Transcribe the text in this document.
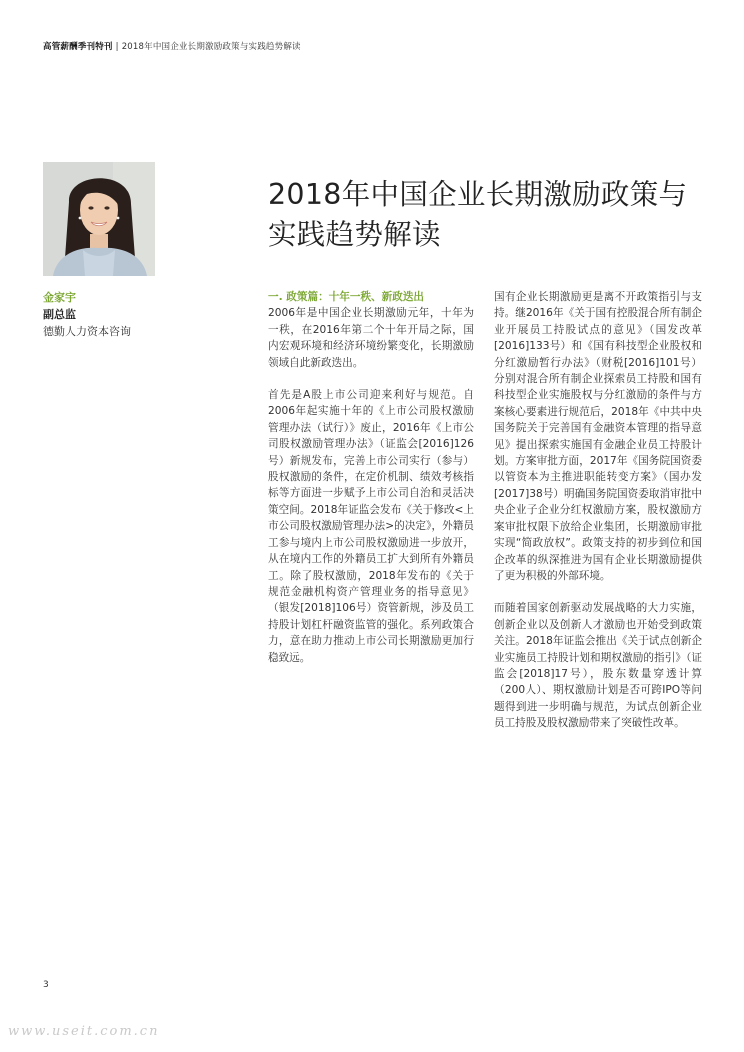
高管薪酬季刊特刊 | 2018年中国企业长期激励政策与实践趋势解读
2018年中国企业长期激励政策与实践趋势解读
金家宇
副总监
德勤人力资本咨询
一. 政策篇：十年一秩、新政迭出

2006年是中国企业长期激励元年，十年为一秩，在2016年第二个十年开局之际，国内宏观环境和经济环境纷繁变化，长期激励领域自此新政迭出。

首先是A股上市公司迎来利好与规范。自2006年起实施十年的《上市公司股权激励管理办法（试行）》废止，2016年《上市公司股权激励管理办法》（证监会[2016]126号）新规发布，完善上市公司实行（参与）股权激励的条件，在定价机制、绩效考核指标等方面进一步赋予上市公司自治和灵活决策空间。2018年证监会发布《关于修改<上市公司股权激励管理办法>的决定》，外籍员工参与境内上市公司股权激励进一步放开，从在境内工作的外籍员工扩大到所有外籍员工。除了股权激励，2018年发布的《关于规范金融机构资产管理业务的指导意见》（银发[2018]106号）资管新规，涉及员工持股计划杠杆融资监管的强化。系列政策合力，意在助力推动上市公司长期激励更加行稳致远。

国有企业长期激励更是离不开政策指引与支持。继2016年《关于国有控股混合所有制企业开展员工持股试点的意见》（国发改革[2016]133号）和《国有科技型企业股权和分红激励暂行办法》（财税[2016]101号）分别对混合所有制企业探索员工持股和国有科技型企业实施股权与分红激励的条件与方案核心要素进行规范后，2018年《中共中央国务院关于完善国有金融资本管理的指导意见》提出探索实施国有金融企业员工持股计划。方案审批方面，2017年《国务院国资委以管资本为主推进职能转变方案》（国办发[2017]38号）明确国务院国资委取消审批中央企业子企业分红权激励方案，股权激励方案审批权限下放给企业集团，长期激励审批实现“简政放权”。政策支持的初步到位和国企改革的纵深推进为国有企业长期激励提供了更为积极的外部环境。

而随着国家创新驱动发展战略的大力实施，创新企业以及创新人才激励也开始受到政策关注。2018年证监会推出《关于试点创新企业实施员工持股计划和期权激励的指引》（证监会[2018]17号），股东数量穿透计算（200人）、期权激励计划是否可跨IPO等问题得到进一步明确与规范，为试点创新企业员工持股及股权激励带来了突破性改革。

3
www.useit.com.cn
